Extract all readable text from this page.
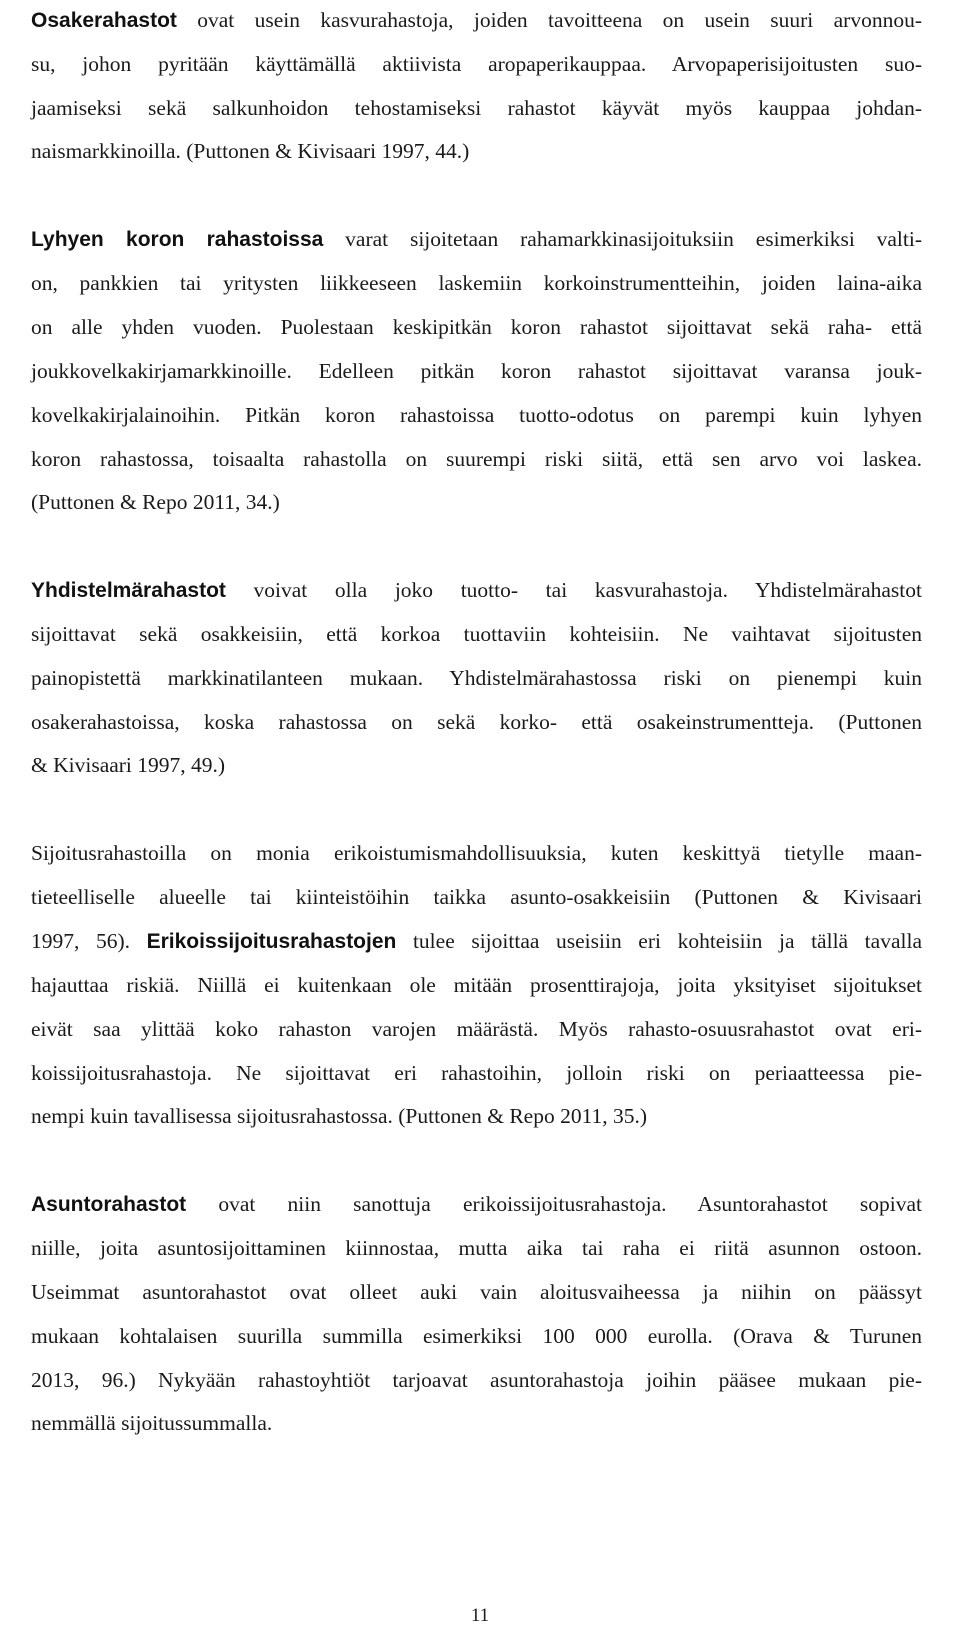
Osakerahastot ovat usein kasvurahastoja, joiden tavoitteena on usein suuri arvonnou-
su, johon pyritään käyttämällä aktiivista aropaperikauppaa. Arvopaperisijoitusten suo-
jaamiseksi sekä salkunhoidon tehostamiseksi rahastot käyvät myös kauppaa johdan-
naismarkkinoilla. (Puttonen & Kivisaari 1997, 44.)
Lyhyen koron rahastoissa varat sijoitetaan rahamarkkinasijoituksiin esimerkiksi valti-
on, pankkien tai yritysten liikkeeseen laskemiin korkoinstrumentteihin, joiden laina-aika
on alle yhden vuoden. Puolestaan keskipitkän koron rahastot sijoittavat sekä raha- että
joukkovelkakirjamarkkinoille. Edelleen pitkän koron rahastot sijoittavat varansa jouk-
kovelkakirjalainoihin. Pitkän koron rahastoissa tuotto-odotus on parempi kuin lyhyen
koron rahastossa, toisaalta rahastolla on suurempi riski siitä, että sen arvo voi laskea.
(Puttonen & Repo 2011, 34.)
Yhdistelmärahastot voivat olla joko tuotto- tai kasvurahastoja. Yhdistelmärahastot
sijoittavat sekä osakkeisiin, että korkoa tuottaviin kohteisiin. Ne vaihtavat sijoitusten
painopistettä markkinatilanteen mukaan. Yhdistelmärahastossa riski on pienempi kuin
osakerahastoissa, koska rahastossa on sekä korko- että osakeinstrumentteja. (Puttonen
& Kivisaari 1997, 49.)
Sijoitusrahastoilla on monia erikoistumismahdollisuuksia, kuten keskittyä tietylle maan-
tieteelliselle alueelle tai kiinteistöihin taikka asunto-osakkeisiin (Puttonen & Kivisaari
1997, 56). Erikoissijoitusrahastojen tulee sijoittaa useisiin eri kohteisiin ja tällä tavalla
hajauttaa riskiä. Niillä ei kuitenkaan ole mitään prosenttirajoja, joita yksityiset sijoitukset
eivät saa ylittää koko rahaston varojen määrästä. Myös rahasto-osuusrahastot ovat eri-
koissijoitusrahastoja. Ne sijoittavat eri rahastoihin, jolloin riski on periaatteessa pie-
nempi kuin tavallisessa sijoitusrahastossa. (Puttonen & Repo 2011, 35.)
Asuntorahastot ovat niin sanottuja erikoissijoitusrahastoja. Asuntorahastot sopivat
niille, joita asuntosijoittaminen kiinnostaa, mutta aika tai raha ei riitä asunnon ostoon.
Useimmat asuntorahastot ovat olleet auki vain aloitusvaiheessa ja niihin on päässyt
mukaan kohtalaisen suurilla summilla esimerkiksi 100 000 eurolla. (Orava & Turunen
2013, 96.) Nykyään rahastoyhtiöt tarjoavat asuntorahastoja joihin pääsee mukaan pie-
nemmällä sijoitussummalla.
11
